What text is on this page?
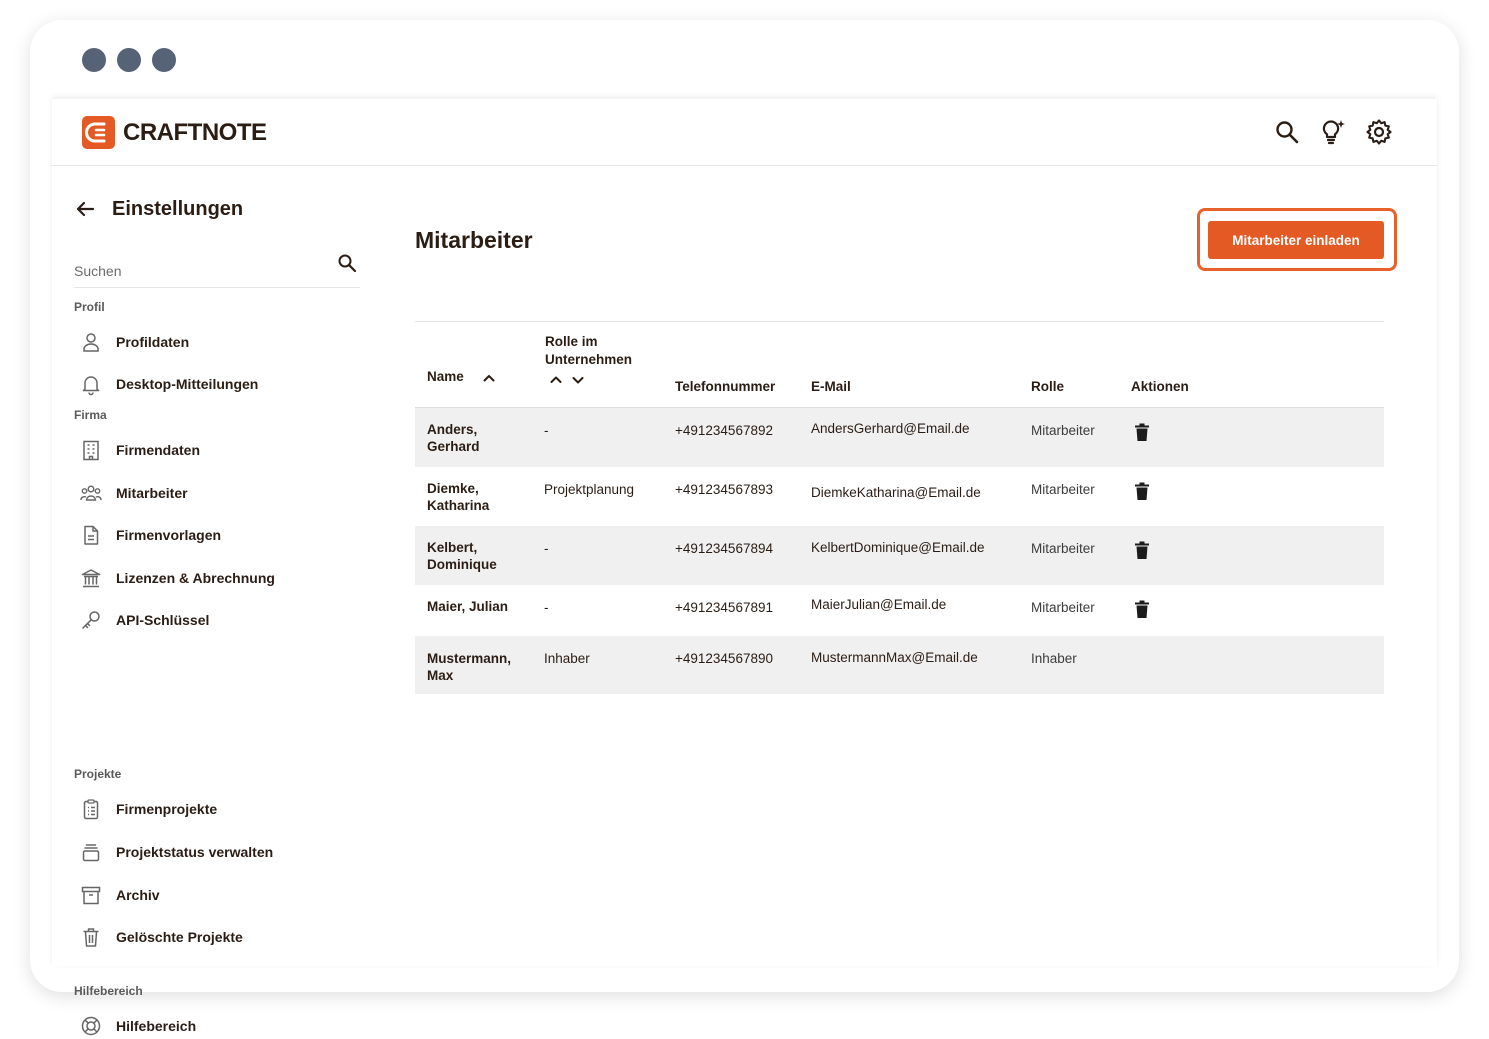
CRAFTNOTE
Einstellungen
Suchen
Profil
Profildaten
Desktop-Mitteilungen
Firma
Firmendaten
Mitarbeiter
Firmenvorlagen
Lizenzen & Abrechnung
API-Schlüssel
Projekte
Firmenprojekte
Projektstatus verwalten
Archiv
Gelöschte Projekte
Hilfebereich
Hilfebereich
Mitarbeiter	Mitarbeiter einladen
Name
Rolle im
Unternehmen
Telefonnummer	E-Mail	Rolle	Aktionen
Anders,
Gerhard
-	+491234567892	AndersGerhard@Email.de	Mitarbeiter
Diemke,
Katharina
Projektplanung	+491234567893	DiemkeKatharina@Email.de	Mitarbeiter
Kelbert,
Dominique
-	+491234567894	KelbertDominique@Email.de	Mitarbeiter
Maier, Julian	-	+491234567891	MaierJulian@Email.de	Mitarbeiter
Mustermann,
Max
Inhaber	+491234567890	MustermannMax@Email.de	Inhaber
